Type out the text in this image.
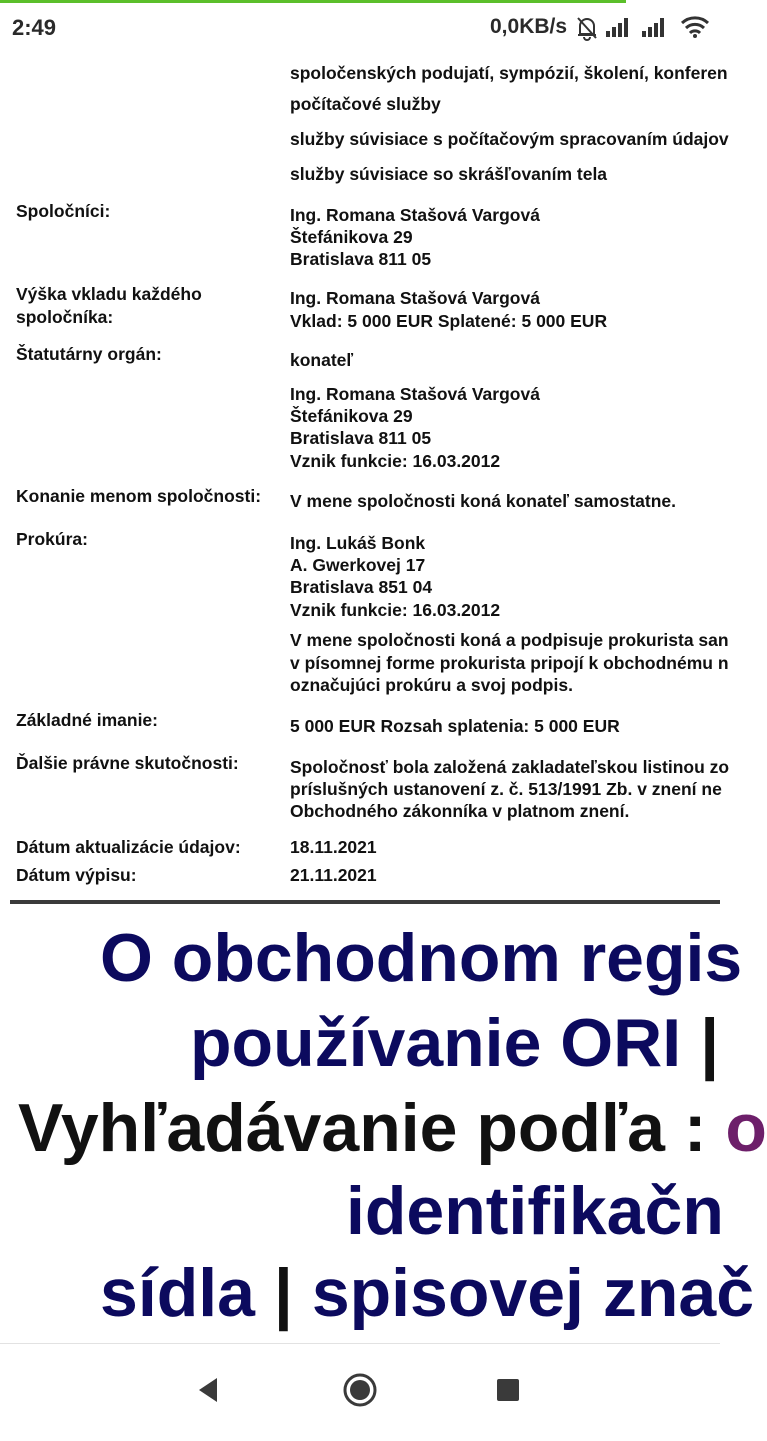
2:49	0,0KB/s
spoločenských podujatí, sympózií, školení, konferen
počítačové služby
služby súvisiace s počítačovým spracovaním údajov
služby súvisiace so skrášľovaním tela
Spoločníci:	Ing. Romana Stašová Vargová
Štefánikova 29
Bratislava 811 05
Výška vkladu každého
spoločníka:
Ing. Romana Stašová Vargová
Vklad: 5 000 EUR Splatené: 5 000 EUR
Štatutárny orgán:	konateľ
Ing. Romana Stašová Vargová
Štefánikova 29
Bratislava 811 05
Vznik funkcie: 16.03.2012
Konanie menom spoločnosti: V mene spoločnosti koná konateľ samostatne.
Prokúra:	Ing. Lukáš Bonk
A. Gwerkovej 17
Bratislava 851 04
Vznik funkcie: 16.03.2012
V mene spoločnosti koná a podpisuje prokurista san
v písomnej forme prokurista pripojí k obchodnému n
označujúci prokúru a svoj podpis.
Základné imanie:	5 000 EUR Rozsah splatenia: 5 000 EUR
Ďalšie právne skutočnosti:	Spoločnosť bola založená zakladateľskou listinou zo
príslušných ustanovení z. č. 513/1991 Zb. v znení ne
Obchodného zákonníka v platnom znení.
Dátum aktualizácie údajov:	18.11.2021
Dátum výpisu:	21.11.2021
O obchodnom regis
používanie ORI |
Vyhľadávanie podľa : o
identifikačn
sídla | spisovej znač
